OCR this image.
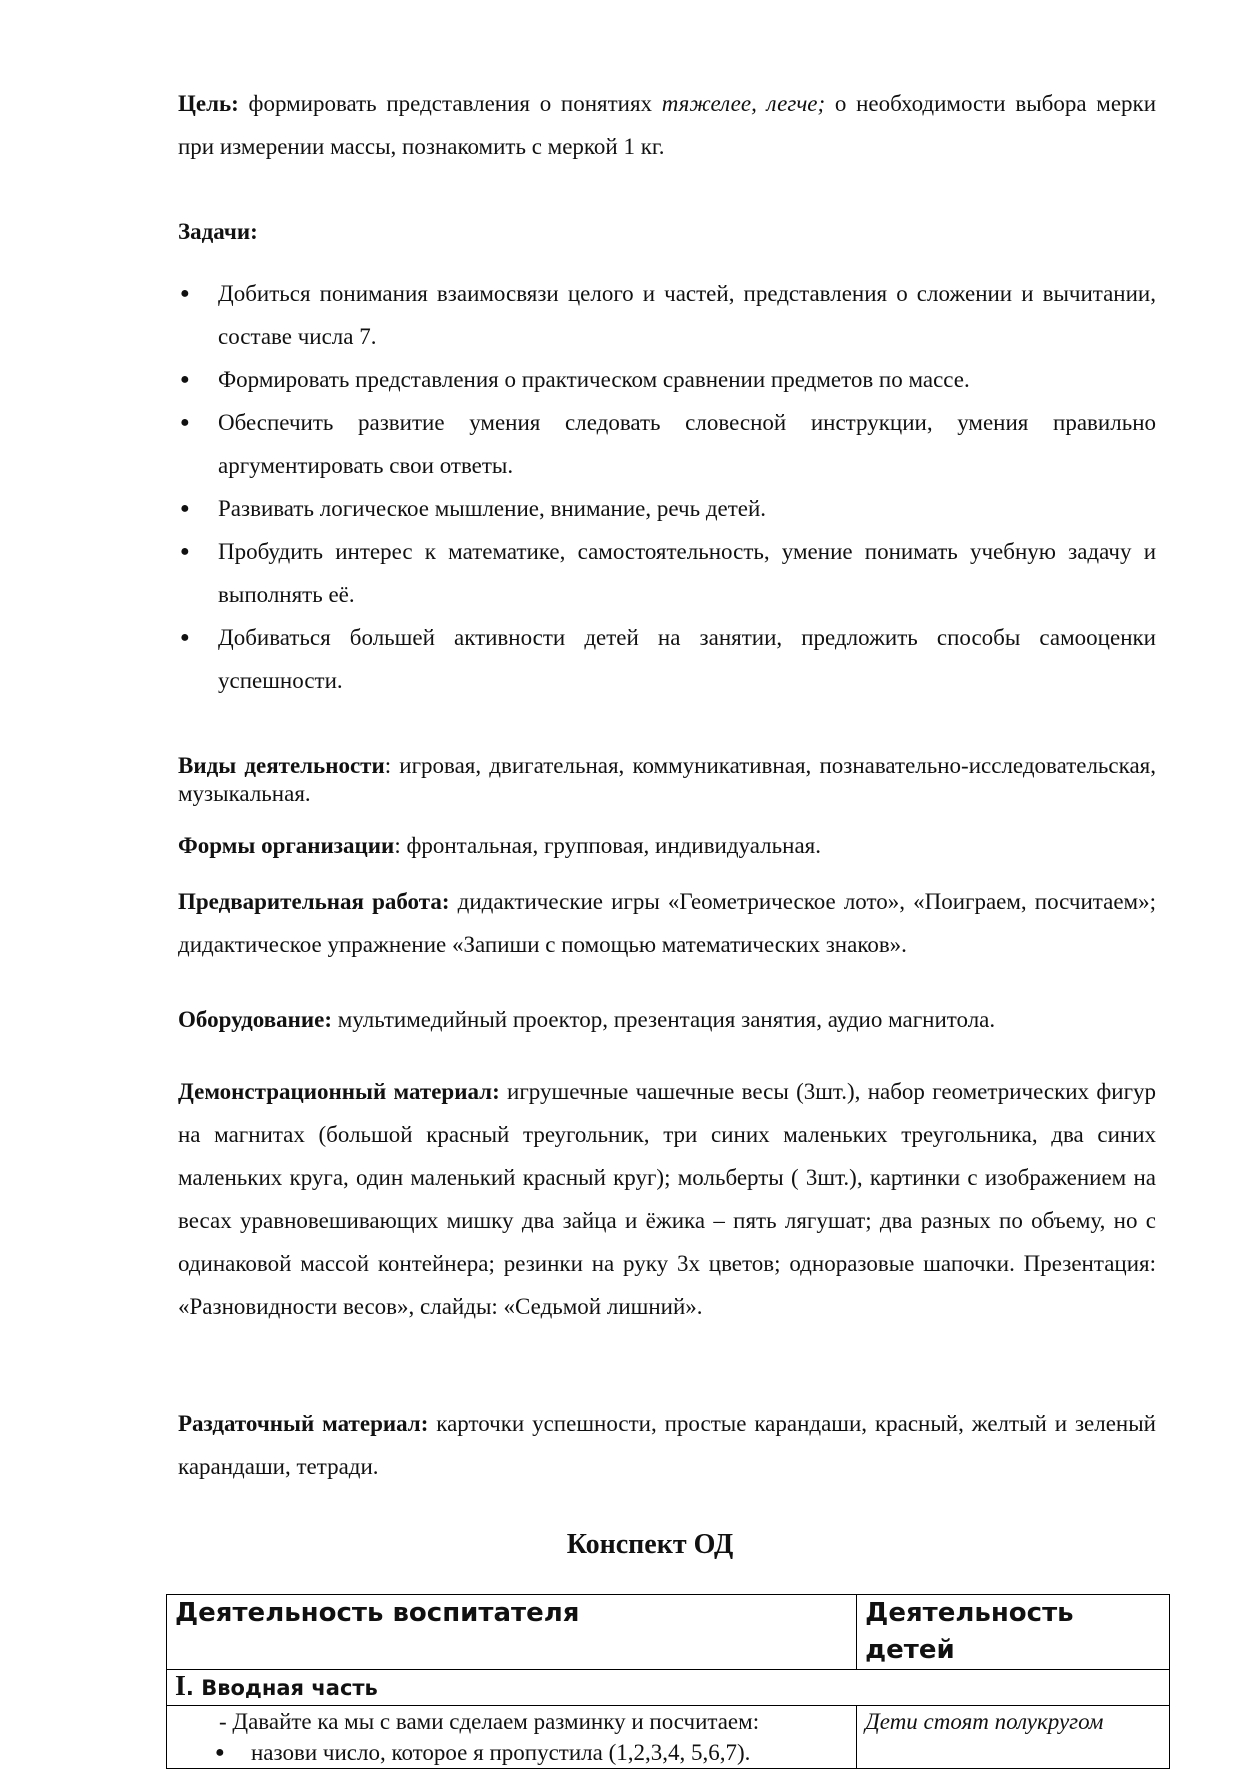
Цель: формировать представления о понятиях тяжелее, легче; о необходимости выбора мерки при измерении массы, познакомить с меркой 1 кг.
Задачи:
● Добиться понимания взаимосвязи целого и частей, представления о сложении и вычитании, составе числа 7.
● Формировать представления о практическом сравнении предметов по массе.
● Обеспечить развитие умения следовать словесной инструкции, умения правильно аргументировать свои ответы.
● Развивать логическое мышление, внимание, речь детей.
● Пробудить интерес к математике, самостоятельность, умение понимать учебную задачу и выполнять её.
● Добиваться большей активности детей на занятии, предложить способы самооценки успешности.
Виды деятельности: игровая, двигательная, коммуникативная, познавательно-исследовательская, музыкальная.
Формы организации: фронтальная, групповая, индивидуальная.
Предварительная работа: дидактические игры «Геометрическое лото», «Поиграем, посчитаем»; дидактическое упражнение «Запиши с помощью математических знаков».
Оборудование: мультимедийный проектор, презентация занятия, аудио магнитола.
Демонстрационный материал: игрушечные чашечные весы (3шт.), набор геометрических фигур на магнитах (большой красный треугольник, три синих маленьких треугольника, два синих маленьких круга, один маленький красный круг); мольберты ( 3шт.), картинки с изображением на весах уравновешивающих мишку два зайца и ёжика – пять лягушат; два разных по объему, но с одинаковой массой контейнера; резинки на руку 3х цветов; одноразовые шапочки. Презентация: «Разновидности весов», слайды: «Седьмой лишний».
Раздаточный материал: карточки успешности, простые карандаши, красный, желтый и зеленый карандаши, тетради.
Конспект ОД
Деятельность воспитателя	Деятельность детей
I. Вводная часть	

- Давайте ка мы с вами сделаем разминку и посчитаем:
● назови число, которое я пропустила (1,2,3,4, 5,6,7).	Дети стоят полукругом
